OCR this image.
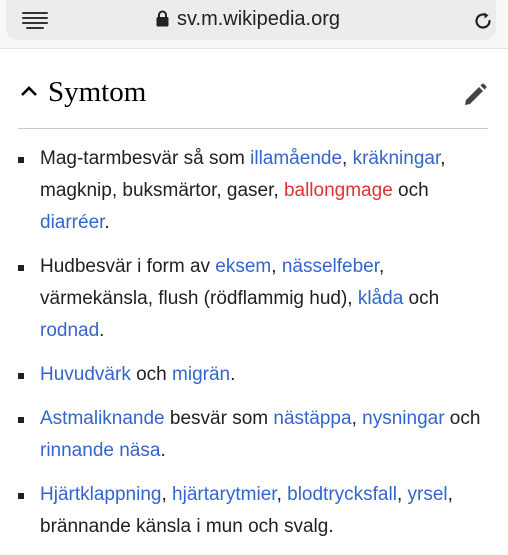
sv.m.wikipedia.org
Symtom
Mag-tarmbesvär så som illamående, kräkningar, magknip, buksmärtor, gaser, ballongmage och diarréer.
Hudbesvär i form av eksem, nässelfeber, värmekänsla, flush (rödflammig hud), klåda och rodnad.
Huvudvärk och migrän.
Astmaliknande besvär som nästäppa, nysningar och rinnande näsa.
Hjärtklappning, hjärtarytmier, blodtrycksfall, yrsel, brännande känsla i mun och svalg.
